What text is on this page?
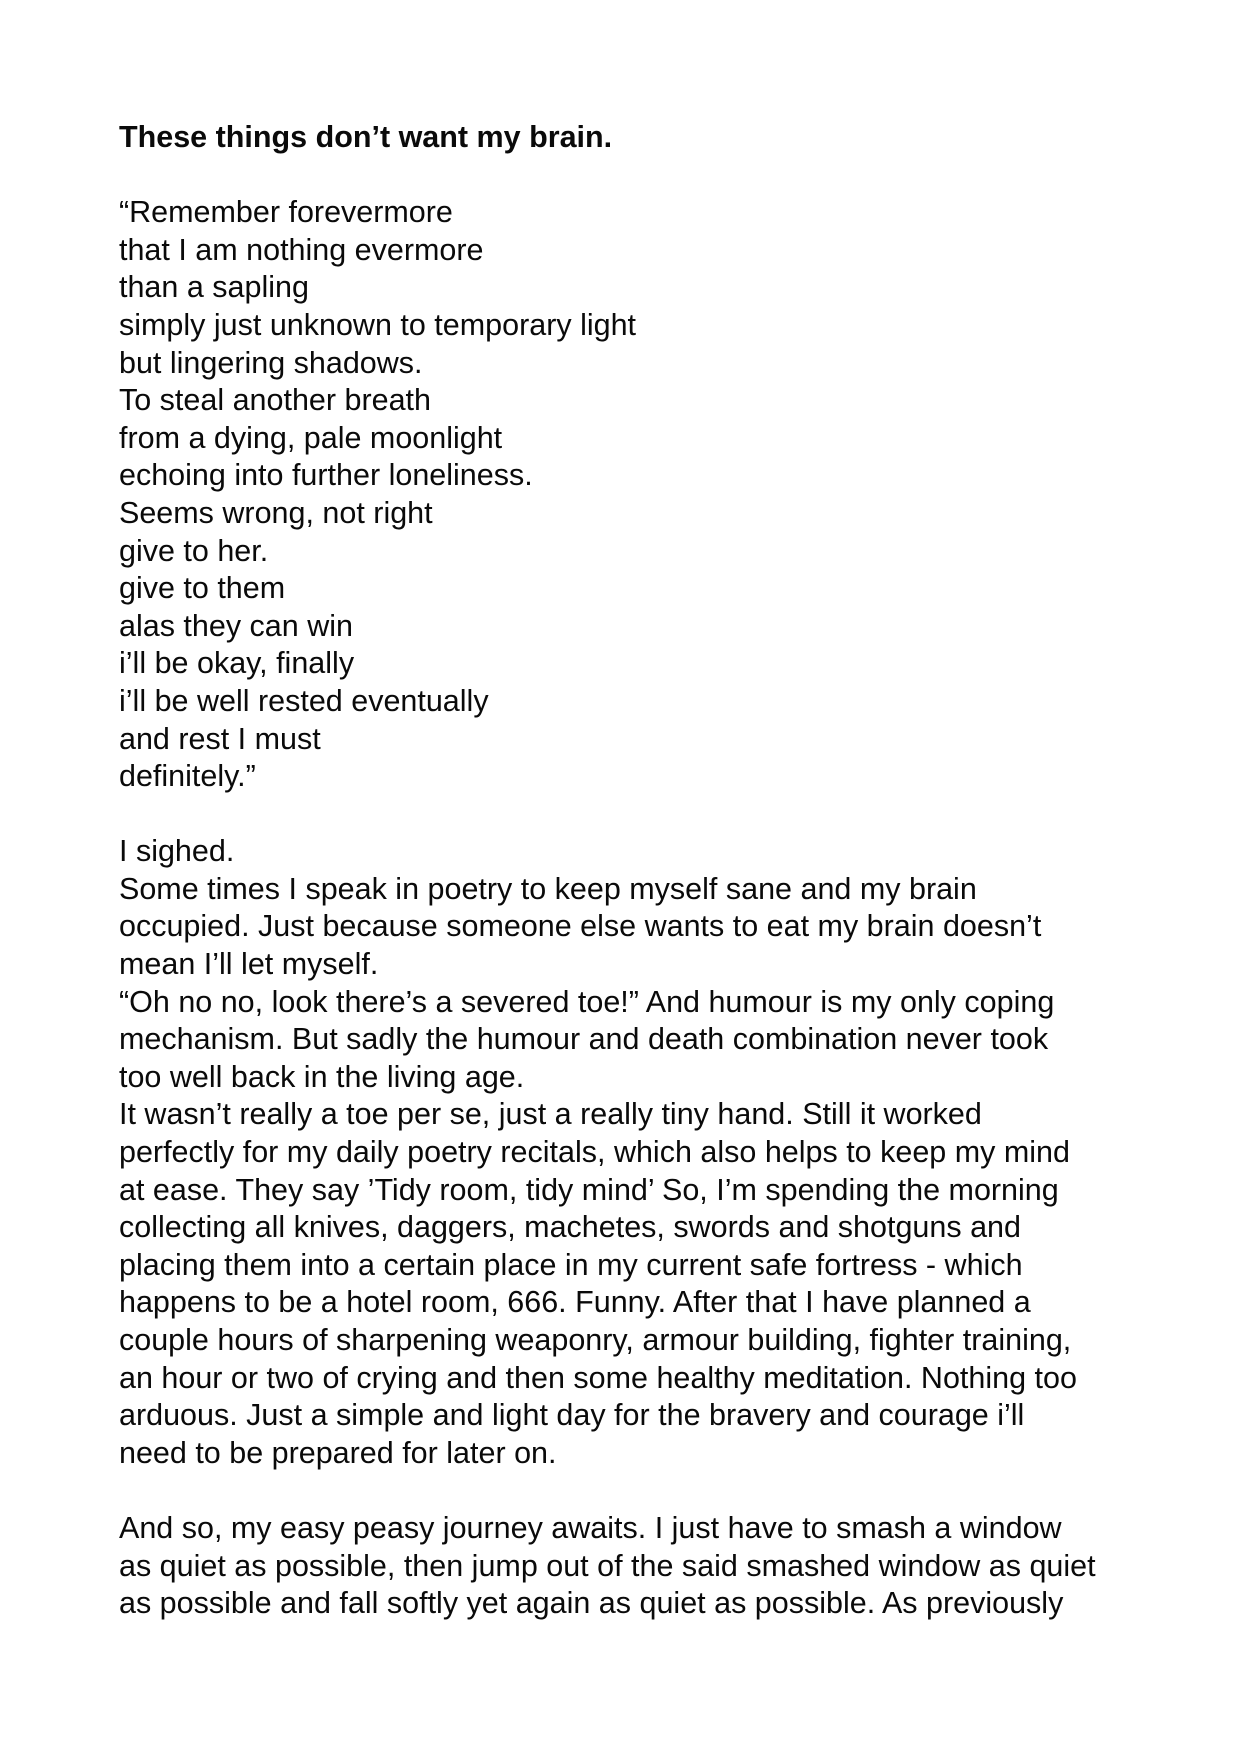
These things don’t want my brain.
“Remember forevermore
that I am nothing evermore
than a sapling
simply just unknown to temporary light
but lingering shadows.
To steal another breath
from a dying, pale moonlight
echoing into further loneliness.
Seems wrong, not right
give to her.
give to them
alas they can win
i’ll be okay, finally
i’ll be well rested eventually
and rest I must
definitely.”
I sighed.
Some times I speak in poetry to keep myself sane and my brain
occupied. Just because someone else wants to eat my brain doesn’t
mean I’ll let myself.
“Oh no no, look there’s a severed toe!” And humour is my only coping
mechanism. But sadly the humour and death combination never took
too well back in the living age.
It wasn’t really a toe per se, just a really tiny hand. Still it worked
perfectly for my daily poetry recitals, which also helps to keep my mind
at ease. They say ’Tidy room, tidy mind’ So, I’m spending the morning
collecting all knives, daggers, machetes, swords and shotguns and
placing them into a certain place in my current safe fortress - which
happens to be a hotel room, 666. Funny. After that I have planned a
couple hours of sharpening weaponry, armour building, fighter training,
an hour or two of crying and then some healthy meditation. Nothing too
arduous. Just a simple and light day for the bravery and courage i’ll
need to be prepared for later on.
And so, my easy peasy journey awaits. I just have to smash a window
as quiet as possible, then jump out of the said smashed window as quiet
as possible and fall softly yet again as quiet as possible. As previously
